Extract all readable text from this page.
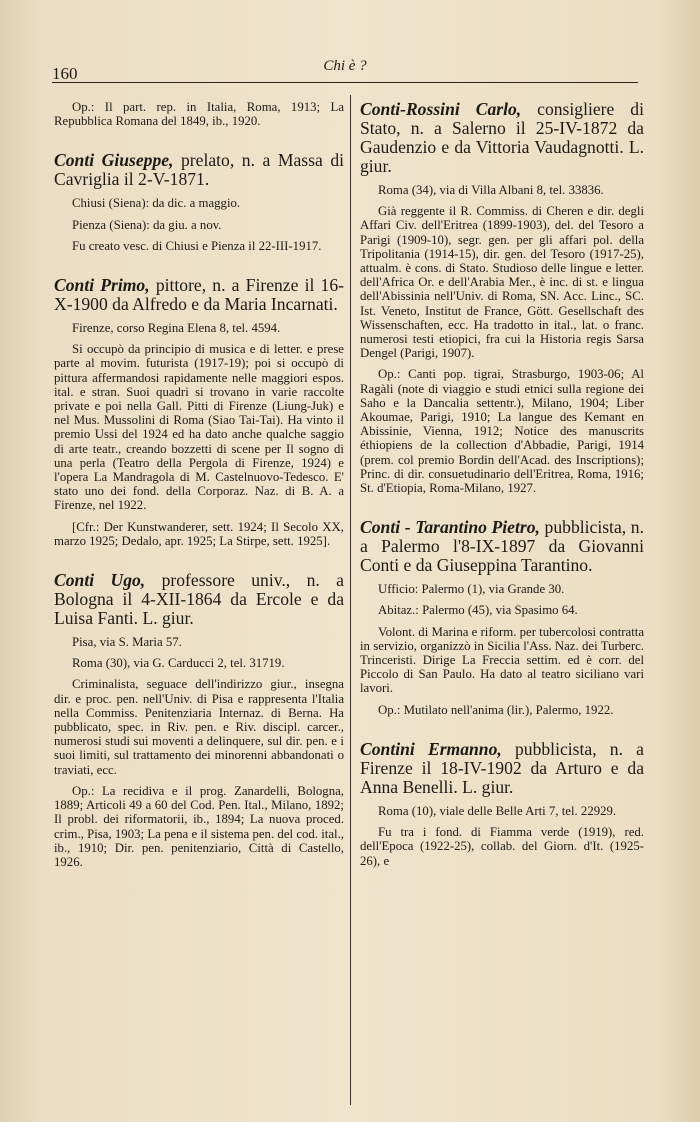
160	Chi è ?

Op.: Il part. rep. in Italia, Roma, 1913; La Repubblica Romana del 1849, ib., 1920.

Conti Giuseppe, prelato, n. a Massa di Cavriglia il 2-V-1871.

Chiusi (Siena): da dic. a maggio.

Pienza (Siena): da giu. a nov.

Fu creato vesc. di Chiusi e Pienza il 22-III-1917.

Conti Primo, pittore, n. a Firenze il 16-X-1900 da Alfredo e da Maria Incarnati.

Firenze, corso Regina Elena 8, tel. 4594.

Si occupò da principio di musica e di letter. e prese parte al movim. futurista (1917-19); poi si occupò di pittura affermandosi rapidamente nelle maggiori espos. ital. e stran. Suoi quadri si trovano in varie raccolte private e poi nella Gall. Pitti di Firenze (Liung-Juk) e nel Mus. Mussolini di Roma (Siao Tai-Tai). Ha vinto il premio Ussi del 1924 ed ha dato anche qualche saggio di arte teatr., creando bozzetti di scene per Il sogno di una perla (Teatro della Pergola di Firenze, 1924) e l'opera La Mandragola di M. Castelnuovo-Tedesco. E' stato uno dei fond. della Corporaz. Naz. di B. A. a Firenze, nel 1922.

[Cfr.: Der Kunstwanderer, sett. 1924; Il Secolo XX, marzo 1925; Dedalo, apr. 1925; La Stirpe, sett. 1925].

Conti Ugo, professore univ., n. a Bologna il 4-XII-1864 da Ercole e da Luisa Fanti. L. giur.

Pisa, via S. Maria 57.

Roma (30), via G. Carducci 2, tel. 31719.

Criminalista, seguace dell'indirizzo giur., insegna dir. e proc. pen. nell'Univ. di Pisa e rappresenta l'Italia nella Commiss. Penitenziaria Internaz. di Berna. Ha pubblicato, spec. in Riv. pen. e Riv. discipl. carcer., numerosi studi sui moventi a delinquere, sul dir. pen. e i suoi limiti, sul trattamento dei minorenni abbandonati o traviati, ecc.

Op.: La recidiva e il prog. Zanardelli, Bologna, 1889; Articoli 49 a 60 del Cod. Pen. Ital., Milano, 1892; Il probl. dei riformatorii, ib., 1894; La nuova proced. crim., Pisa, 1903; La pena e il sistema pen. del cod. ital., ib., 1910; Dir. pen. penitenziario, Città di Castello, 1926.

Conti-Rossini Carlo, consigliere di Stato, n. a Salerno il 25-IV-1872 da Gaudenzio e da Vittoria Vaudagnotti. L. giur.

Roma (34), via di Villa Albani 8, tel. 33836.

Già reggente il R. Commiss. di Cheren e dir. degli Affari Civ. dell'Eritrea (1899-1903), del. del Tesoro a Parigi (1909-10), segr. gen. per gli affari pol. della Tripolitania (1914-15), dir. gen. del Tesoro (1917-25), attualm. è cons. di Stato. Studioso delle lingue e letter. dell'Africa Or. e dell'Arabia Mer., è inc. di st. e lingua dell'Abissinia nell'Univ. di Roma, SN. Acc. Linc., SC. Ist. Veneto, Institut de France, Gött. Gesellschaft des Wissenschaften, ecc. Ha tradotto in ital., lat. o franc. numerosi testi etiopici, fra cui la Historia regis Sarsa Dengel (Parigi, 1907).

Op.: Canti pop. tigrai, Strasburgo, 1903-06; Al Ragàli (note di viaggio e studi etnici sulla regione dei Saho e la Dancalia settentr.), Milano, 1904; Liber Akoumae, Parigi, 1910; La langue des Kemant en Abissinie, Vienna, 1912; Notice des manuscrits éthiopiens de la collection d'Abbadie, Parigi, 1914 (prem. col premio Bordin dell'Acad. des Inscriptions); Princ. di dir. consuetudinario dell'Eritrea, Roma, 1916; St. d'Etiopia, Roma-Milano, 1927.

Conti - Tarantino Pietro, pubblicista, n. a Palermo l'8-IX-1897 da Giovanni Conti e da Giuseppina Tarantino.

Ufficio: Palermo (1), via Grande 30.

Abitaz.: Palermo (45), via Spasimo 64.

Volont. di Marina e riform. per tubercolosi contratta in servizio, organizzò in Sicilia l'Ass. Naz. dei Turberc. Trinceristi. Dirige La Freccia settim. ed è corr. del Piccolo di San Paulo. Ha dato al teatro siciliano vari lavori.

Op.: Mutilato nell'anima (lir.), Palermo, 1922.

Contini Ermanno, pubblicista, n. a Firenze il 18-IV-1902 da Arturo e da Anna Benelli. L. giur.

Roma (10), viale delle Belle Arti 7, tel. 22929.

Fu tra i fond. di Fiamma verde (1919), red. dell'Epoca (1922-25), collab. del Giorn. d'It. (1925-26), e
